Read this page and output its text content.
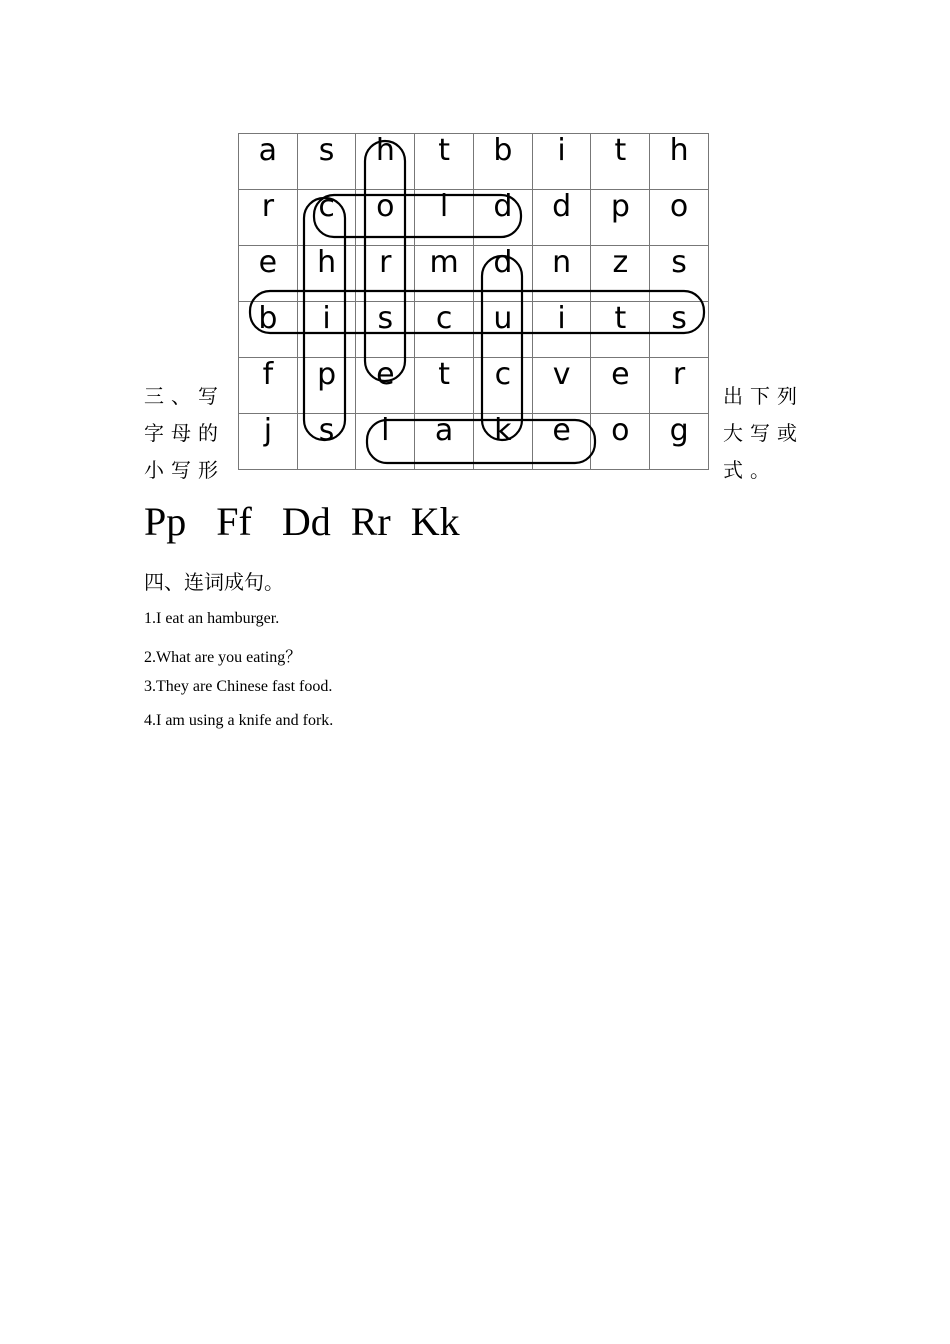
a	s	h	t	b	i	t	h
r	c	o	l	d	d	p	o
e	h	r	m	d	n	z	s
b	i	s	c	u	i	t	s
f	p	e	t	c	v	e	r
j	s	l	a	k	e	o	g
三、写
字母的
小写形
出下列
大写或
式。
Pp Ff Dd Rr Kk
四、连词成句。
1.I eat an hamburger.
2.What are you eating？
3.They are Chinese fast food.
4.I am using a knife and fork.
